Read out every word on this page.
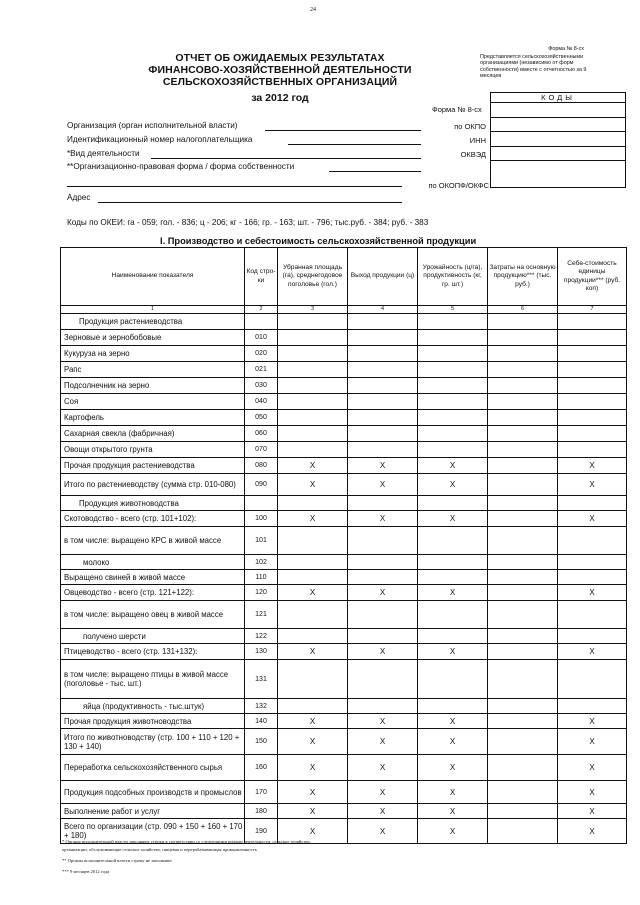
24
ОТЧЕТ ОБ ОЖИДАЕМЫХ РЕЗУЛЬТАТАХ
ФИНАНСОВО-ХОЗЯЙСТВЕННОЙ ДЕЯТЕЛЬНОСТИ
СЕЛЬСКОХОЗЯЙСТВЕННЫХ ОРГАНИЗАЦИЙ
за 2012 год
Форма № 8-сх
Представляется сельскохозяйственными
организациями (независимо от форм
собственности) вместе с отчетностью за 9
месяцев
КОДЫ
Форма № 8-сх
Организация (орган исполнительной власти)	по ОКПО
Идентификационный номер налогоплательщика	ИНН
*Вид деятельности	ОКВЭД
**Организационно-правовая форма / форма собственности
по ОКОПФ/ОКФС
Адрес
Коды по ОКЕИ: га - 059; гол. - 836; ц - 206; кг - 166; гр. - 163; шт. - 796; тыс.руб. - 384; руб. - 383
I. Производство и себестоимость сельскохозяйственной продукции
Наименование показателя	Код стро-ки	Убранная площадь (га), среднегодовое поголовье (гол.)	Выход продукции (ц)	Урожайность (ц/га), продуктивность (кг, гр. шт.)	Затраты на основную продукцию*** (тыс. руб.)	Себе-стоимость единицы продукции*** (руб. коп)
1	2	3	4	5	6	7
Продукция растениеводства						
Зерновые и зернобобовые	010					
Кукуруза на зерно	020					
Рапс	021					
Подсолнечник на зерно	030					
Соя	040					
Картофель	050					
Сахарная свекла (фабричная)	060					
Овощи открытого грунта	070					
Прочая продукция растениеводства	080	X	X	X		X
Итого по растениеводству (сумма стр. 010-080)	090	X	X	X		X
Продукция животноводства						
Скотоводство - всего (стр. 101+102):	100	X	X	X		X
в том числе: выращено КРС в живой массе	101					
молоко	102					
Выращено свиней в живой массе	110					
Овцеводство - всего (стр. 121+122):	120	X	X	X		X
в том числе: выращено овец в живой массе	121					
получено шерсти	122					
Птицеводство - всего (стр. 131+132):	130	X	X	X		X
в том числе: выращено птицы в живой массе (поголовье - тыс. шт.)	131					
яйца (продуктивность - тыс.штук)	132					
Прочая продукция животноводства	140	X	X	X		X
Итого по животноводству (стр. 100 + 110 + 120 + 130 + 140)	150	X	X	X		X
Переработка сельскохозяйственного сырья	160	X	X	X		X
Продукция подсобных производств и промыслов	170	X	X	X		X
Выполнение работ и услуг	180	X	X	X		X
Всего по организации (стр. 090 + 150 + 160 + 170 + 180)	190	X	X	X		X
* Органы исполнительной власти заполняют строки в соответствии со следующими видами деятельности: сельское хозяйство,
организации, обслуживающие сельское хозяйство, пищевая и перерабатывающая промышленность
** Органы исполнительной власти строку не заполняют
*** 9 месяцев 2012 года
